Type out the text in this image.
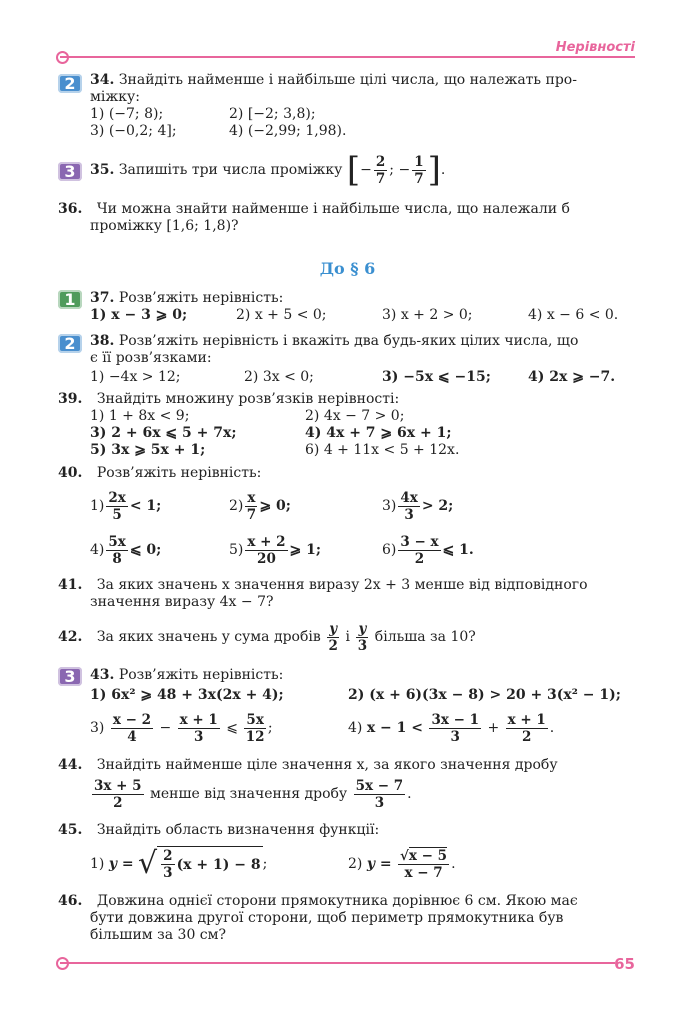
Нерівності
2	34. Знайдіть найменше і найбільше цілі числа, що належать про-
міжку:
1) (−7; 8);	2) [−2; 3,8);
3) (−0,2; 4];	4) (−2,99; 1,98).
3	35. Запишіть три числа проміжку [− $\frac{2}{7}$ ; − $\frac{1}{7}$ ].
36. Чи можна знайти найменше і найбільше числа, що належали б
проміжку [1,6; 1,8)?
До § 6
1	37. Розв’яжіть нерівність:
1) x − 3 ⩾ 0;	2) x + 5 < 0;	3) x + 2 > 0;	4) x − 6 < 0.
2	38. Розв’яжіть нерівність і вкажіть два будь-яких цілих числа, що
є її розв’язками:
1) −4x > 12;	2) 3x < 0;	3) −5x ⩽ −15;	4) 2x ⩾ −7.
39. Знайдіть множину розв’язків нерівності:
1) 1 + 8x < 9;	2) 4x − 7 > 0;
3) 2 + 6x ⩽ 5 + 7x;	4) 4x + 7 ⩾ 6x + 1;
5) 3x ⩾ 5x + 1;	6) 4 + 11x < 5 + 12x.
40. Розв’яжіть нерівність:
$1) \frac{2x}{5} < 1$;	$2) \frac{x}{7}$ ⩾ 0;	$3) \frac{4x}{3} > 2$;
$4) \frac{5x}{8}$ ⩽ 0;	$5) \frac{x + 2}{20}$ ⩾ 1;	$6) \frac{3 - x}{2}$ ⩽ 1.
41. За яких значень x значення виразу 2x + 3 менше від відповідного
значення виразу 4x − 7?
42. За яких значень y сума дробів $\frac{y}{2}$ і $\frac{y}{3}$ більша за 10?
3	43. Розв’яжіть нерівність:
1) 6x² ⩾ 48 + 3x(2x + 4);	2) (x + 6)(3x − 8) > 20 + 3(x² − 1);
$3) \frac{x - 2}{4} - \frac{x + 1}{3}$ ⩽ $\frac{5x}{12}$ ;	4) $x - 1 < \frac{3x - 1}{3} + \frac{x + 1}{2}$ .
44. Знайдіть найменше ціле значення x, за якого значення дробу
$\frac{3x + 5}{2}$ менше від значення дробу $\frac{5x - 7}{3}$ .
45. Знайдіть область визначення функції:
1) y = √ $\frac{2}{3} (x + 1) - 8$ ;	2) $y = \frac{√x - 5}{x - 7}$ .
46. Довжина однієї сторони прямокутника дорівнює 6 см. Якою має
бути довжина другої сторони, щоб периметр прямокутника був
більшим за 30 см?
65
